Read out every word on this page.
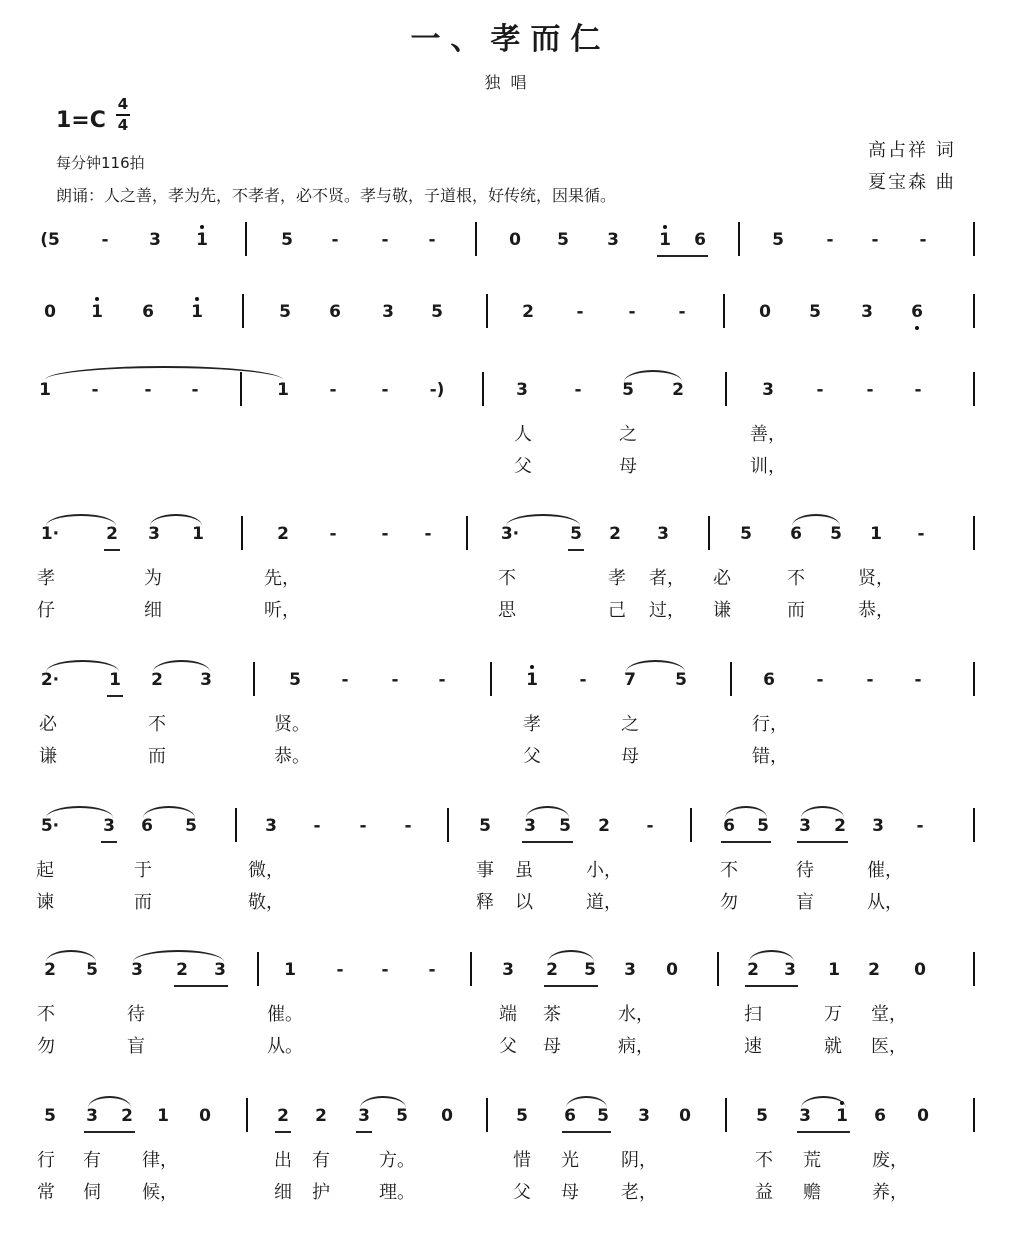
一、孝而仁
独唱
1=C
4
4
每分钟116拍
朗诵：人之善，孝为先，不孝者，必不贤。孝与敬，子道根，好传统，因果循。
高占祥 词
夏宝森 曲
(5 - 3 1	5 -	- -	0 5 3 1 6	5	- - -
0 1 6 1	5 6 3 5	2	-	-	-	0 5 3 6
1 -	- -	1 -	- -)	3	- 5 2	3	-	- -
人	之	善，
父	母	训，
1·	2 3 1	2 -	- -	3·	5 2 3	5 6 5 1 -
孝	为	先，	不	孝 者， 必	不	贤，
仔	细	听，	思	己 过， 谦	而	恭，
2·	1 2 3	5 -	- -	1 - 7 5	6 -	- -
必	不	贤。	孝	之	行，
谦	而	恭。	父	母	错，
5·	3 6 5	3 - - -	5 3 5 2 -	6 5 3 2 3 -
起	于	微，	事 虽	小，	不	待	催，
谏	而	敬，	释 以	道，	勿	盲	从，
2 5 3 2 3	1 - - -	3 2 5 3 0	2 3 1 2 0
不	待	催。	端 茶	水，	扫	万 堂，
勿	盲	从。	父 母	病，	速	就 医，
5 3 2 1 0	2 2 3 5 0	5 6 5 3 0	5 3 1 6 0
行 有 律，	出 有	方。	惜 光 阴，	不 荒	废，
常 伺 候，	细 护	理。	父 母 老，	益 赡	养，
